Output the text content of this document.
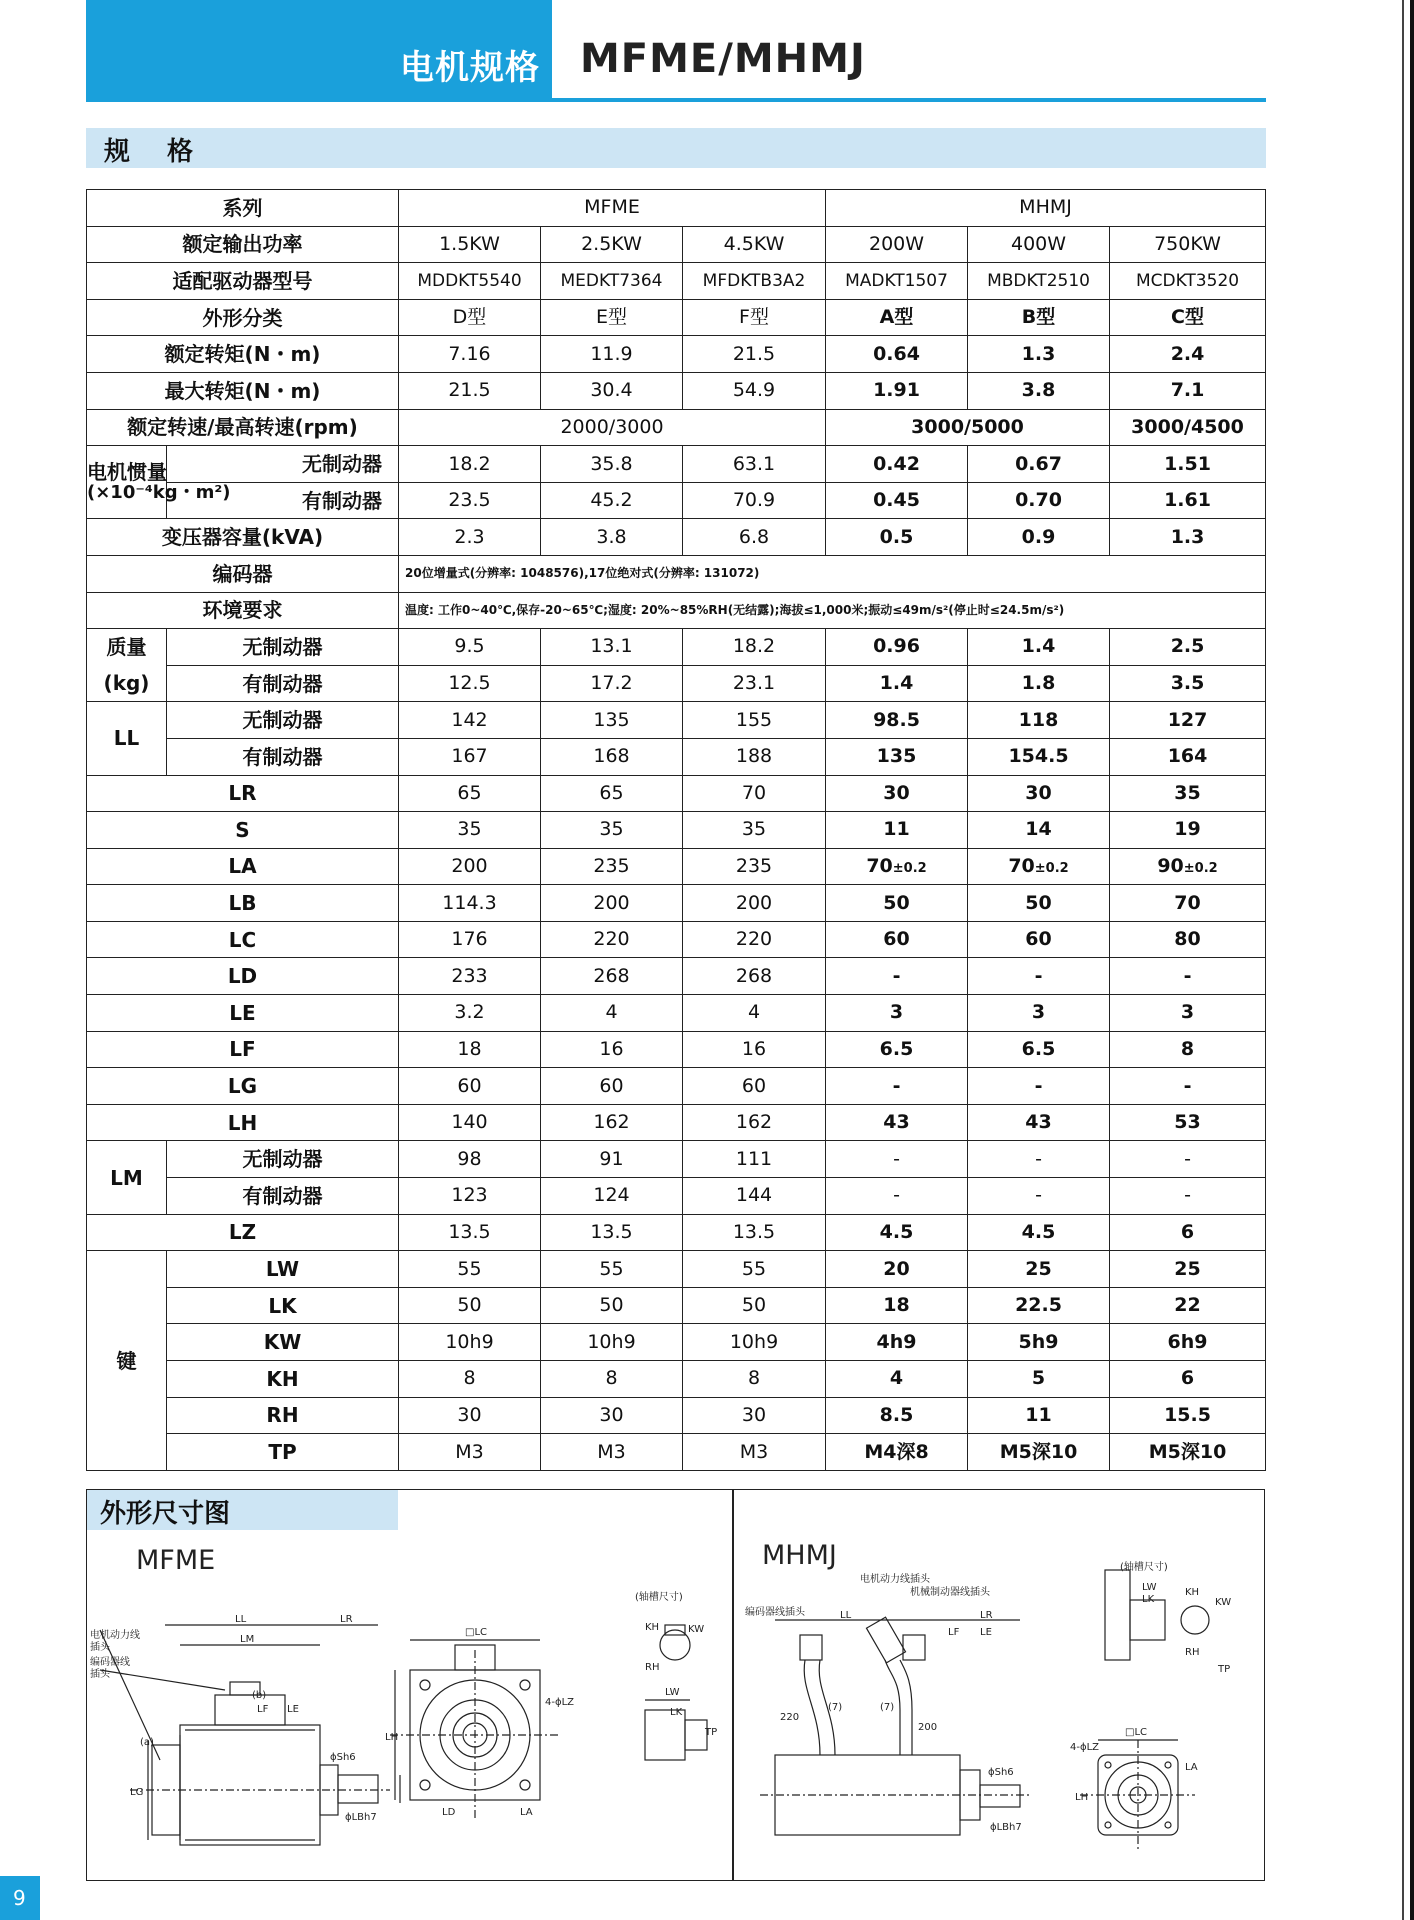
电机规格 MFME/MHMJ
规 格
系列		MFME			MHMJ		
额定输出功率		1.5KW	2.5KW	4.5KW	200W	400W	750KW
适配驱动器型号		MDDKT5540	MEDKT7364	MFDKTB3A2	MADKT1507	MBDKT2510	MCDKT3520
外形分类		D型	E型	F型	A型	B型	C型
额定转矩(N・m)		7.16	11.9	21.5	0.64	1.3	2.4
最大转矩(N・m)		21.5	30.4	54.9	1.91	3.8	7.1
额定转速/最高转速(rpm)		2000/3000			3000/5000		3000/4500

电机惯量
(×10⁻⁴kg・m²)	无制动器	18.2	35.8	63.1	0.42	0.67	1.51
	有制动器	23.5	45.2	70.9	0.45	0.70	1.61
变压器容量(kVA)		2.3	3.8	6.8	0.5	0.9	1.3
编码器		20位增量式(分辨率: 1048576),17位绝对式(分辨率: 131072)					
环境要求		温度: 工作0~40℃,保存-20~65℃;湿度: 20%~85%RH(无结露);海拔≤1,000米;振动≤49m/s²(停止时≤24.5m/s²)					

质量
(kg)	无制动器	9.5	13.1	18.2	0.96	1.4	2.5
	有制动器	12.5	17.2	23.1	1.4	1.8	3.5
LL	无制动器	142	135	155	98.5	118	127
	有制动器	167	168	188	135	154.5	164
LR		65	65	70	30	30	35
S		35	35	35	11	14	19
LA		200	235	235	70±0.2	70±0.2	90±0.2
LB		114.3	200	200	50	50	70
LC		176	220	220	60	60	80
LD		233	268	268	-	-	-
LE		3.2	4	4	3	3	3
LF		18	16	16	6.5	6.5	8
LG		60	60	60	-	-	-
LH		140	162	162	43	43	53
LM	无制动器	98	91	111	-	-	-
	有制动器	123	124	144	-	-	-
LZ		13.5	13.5	13.5	4.5	4.5	6
键	LW	55	55	55	20	25	25
	LK	50	50	50	18	22.5	22
	KW	10h9	10h9	10h9	4h9	5h9	6h9
	KH	8	8	8	4	5	6
	RH	30	30	30	8.5	11	15.5
	TP	M3	M3	M3	M4深8	M5深10	M5深10
外形尺寸图
MFME	MHMJ
电机动力线
插头
编码器线
插头
LL	LR
LM
(a)
(b)
LF LE
LG
ϕSh6
ϕLBh7
□LC
LH
4-ϕLZ
LA
LD
(轴槽尺寸)
KH	KW
RH
LW
LK
TP
编码器线插头
电机动力线插头
机械制动器线插头
LL	LR
LF LE
220
(7)	(7)
200
ϕSh6
ϕLBh7
(轴槽尺寸)
LW
LK
KH
KW
RH
TP
4-ϕLZ
□LC
LH
LA
9
